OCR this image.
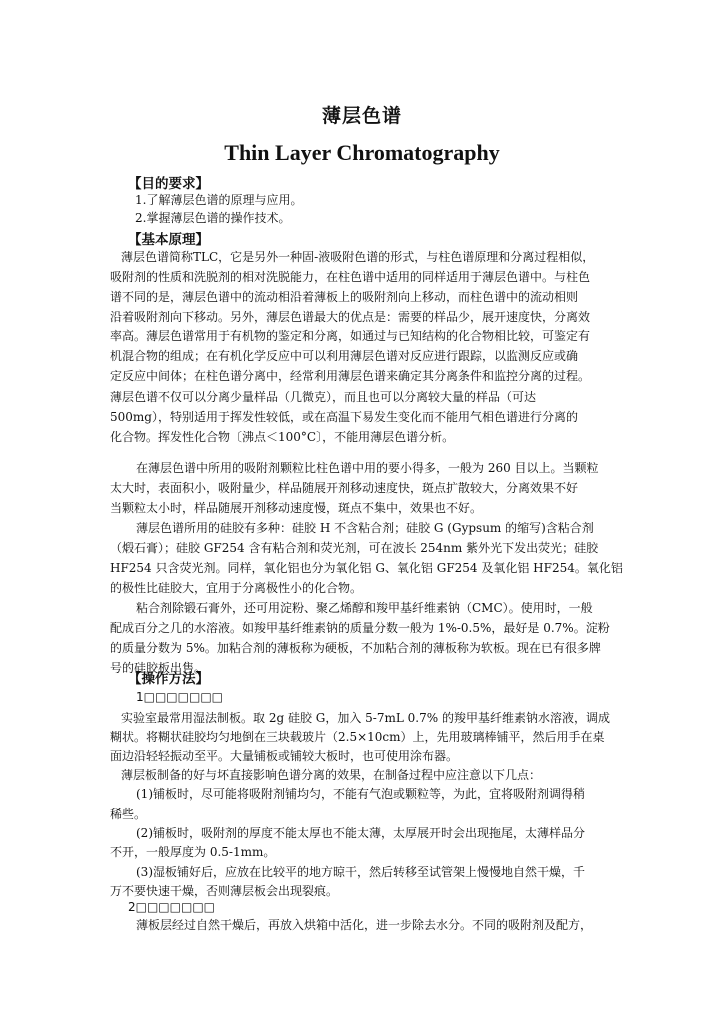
薄层色谱
Thin Layer Chromatography
【目的要求】
1.了解薄层色谱的原理与应用。
2.掌握薄层色谱的操作技术。
【基本原理】
薄层色谱简称TLC，它是另外一种固-液吸附色谱的形式，与柱色谱原理和分离过程相似，
吸附剂的性质和洗脱剂的相对洗脱能力，在柱色谱中适用的同样适用于薄层色谱中。与柱色
谱不同的是，薄层色谱中的流动相沿着薄板上的吸附剂向上移动，而柱色谱中的流动相则
沿着吸附剂向下移动。另外，薄层色谱最大的优点是：需要的样品少，展开速度快，分离效
率高。薄层色谱常用于有机物的鉴定和分离，如通过与已知结构的化合物相比较，可鉴定有
机混合物的组成；在有机化学反应中可以利用薄层色谱对反应进行跟踪，以监测反应或确
定反应中间体；在柱色谱分离中，经常利用薄层色谱来确定其分离条件和监控分离的过程。
薄层色谱不仅可以分离少量样品（几微克），而且也可以分离较大量的样品（可达
500mg），特别适用于挥发性较低，或在高温下易发生变化而不能用气相色谱进行分离的
化合物。挥发性化合物〔沸点＜100°C〕，不能用薄层色谱分析。
在薄层色谱中所用的吸附剂颗粒比柱色谱中用的要小得多，一般为 260 目以上。当颗粒
太大时，表面积小，吸附量少，样品随展开剂移动速度快，斑点扩散较大，分离效果不好
当颗粒太小时，样品随展开剂移动速度慢，斑点不集中，效果也不好。
薄层色谱所用的硅胶有多种：硅胶 H 不含粘合剂；硅胶 G (Gypsum 的缩写)含粘合剂
（煅石膏）；硅胶 GF254 含有粘合剂和荧光剂，可在波长 254nm 紫外光下发出荧光；硅胶
HF254 只含荧光剂。同样，氧化铝也分为氧化铝 G、氧化铝 GF254 及氧化铝 HF254。氧化铝
的极性比硅胶大，宜用于分离极性小的化合物。
粘合剂除锻石膏外，还可用淀粉、聚乙烯醇和羧甲基纤维素钠（CMC）。使用时，一般
配成百分之几的水溶液。如羧甲基纤维素钠的质量分数一般为 1%-0.5%，最好是 0.7%。淀粉
的质量分数为 5%。加粘合剂的薄板称为硬板，不加粘合剂的薄板称为软板。现在已有很多牌
号的硅胶板出售。
【操作方法】
1□□□□□□□
实验室最常用湿法制板。取 2g 硅胶 G，加入 5-7mL 0.7% 的羧甲基纤维素钠水溶液，调成
糊状。将糊状硅胶均匀地倒在三块载玻片（2.5×10cm）上，先用玻璃棒铺平，然后用手在桌
面边沿轻轻振动至平。大量铺板或铺较大板时，也可使用涂布器。
薄层板制备的好与坏直接影响色谱分离的效果，在制备过程中应注意以下几点：
(1)铺板时，尽可能将吸附剂铺均匀，不能有气泡或颗粒等，为此，宜将吸附剂调得稍
稀些。
(2)铺板时，吸附剂的厚度不能太厚也不能太薄，太厚展开时会出现拖尾，太薄样品分
不开，一般厚度为 0.5-1mm。
(3)湿板铺好后，应放在比较平的地方晾干，然后转移至试管架上慢慢地自然干燥，千
万不要快速干燥，否则薄层板会出现裂痕。
2□□□□□□□
薄板层经过自然干燥后，再放入烘箱中活化，进一步除去水分。不同的吸附剂及配方，
